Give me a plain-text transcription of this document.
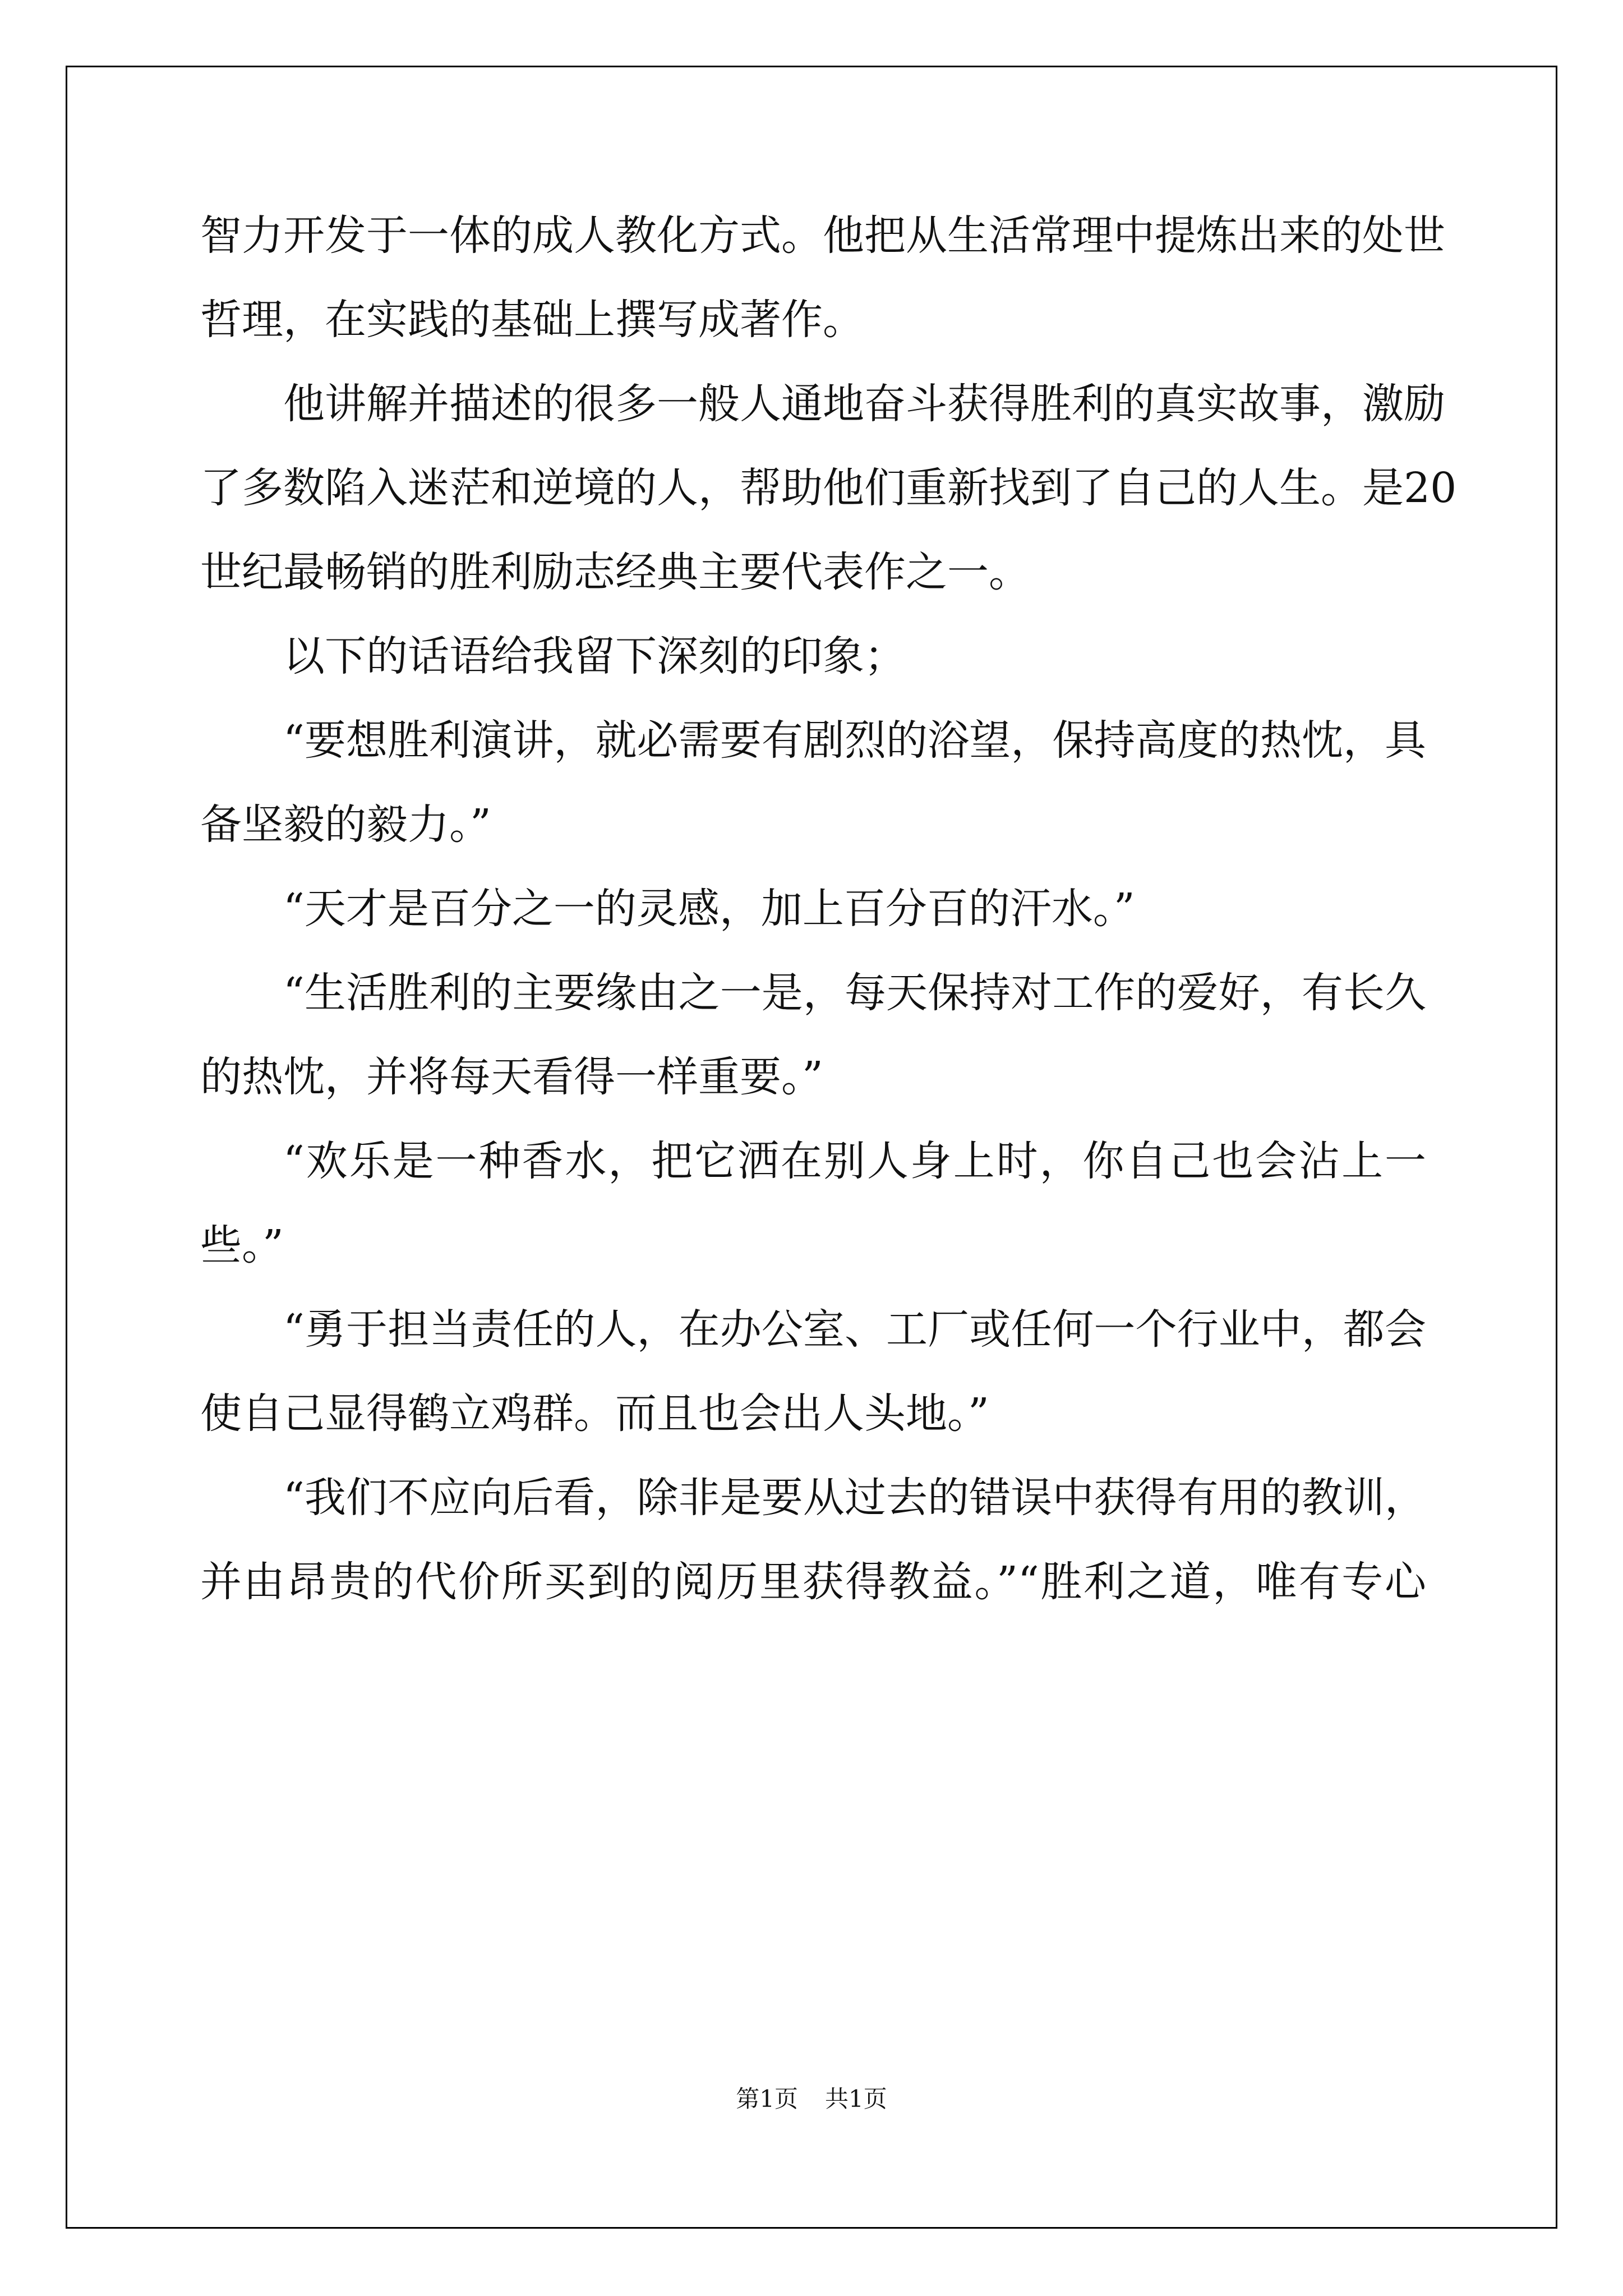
智力开发于一体的成人教化方式。他把从生活常理中提炼出来的处世
哲理，在实践的基础上撰写成著作。
他讲解并描述的很多一般人通地奋斗获得胜利的真实故事，激励
了多数陷入迷茫和逆境的人，帮助他们重新找到了自己的人生。是20
世纪最畅销的胜利励志经典主要代表作之一。
以下的话语给我留下深刻的印象；
“要想胜利演讲，就必需要有剧烈的浴望，保持高度的热忱，具
备坚毅的毅力。”
“天才是百分之一的灵感，加上百分百的汗水。”
“生活胜利的主要缘由之一是，每天保持对工作的爱好，有长久
的热忱，并将每天看得一样重要。”
“欢乐是一种香水，把它洒在别人身上时，你自己也会沾上一
些。”
“勇于担当责任的人，在办公室、工厂或任何一个行业中，都会
使自己显得鹤立鸡群。而且也会出人头地。”
“我们不应向后看，除非是要从过去的错误中获得有用的教训，
并由昂贵的代价所买到的阅历里获得教益。”“胜利之道，唯有专心
第1页 共1页
